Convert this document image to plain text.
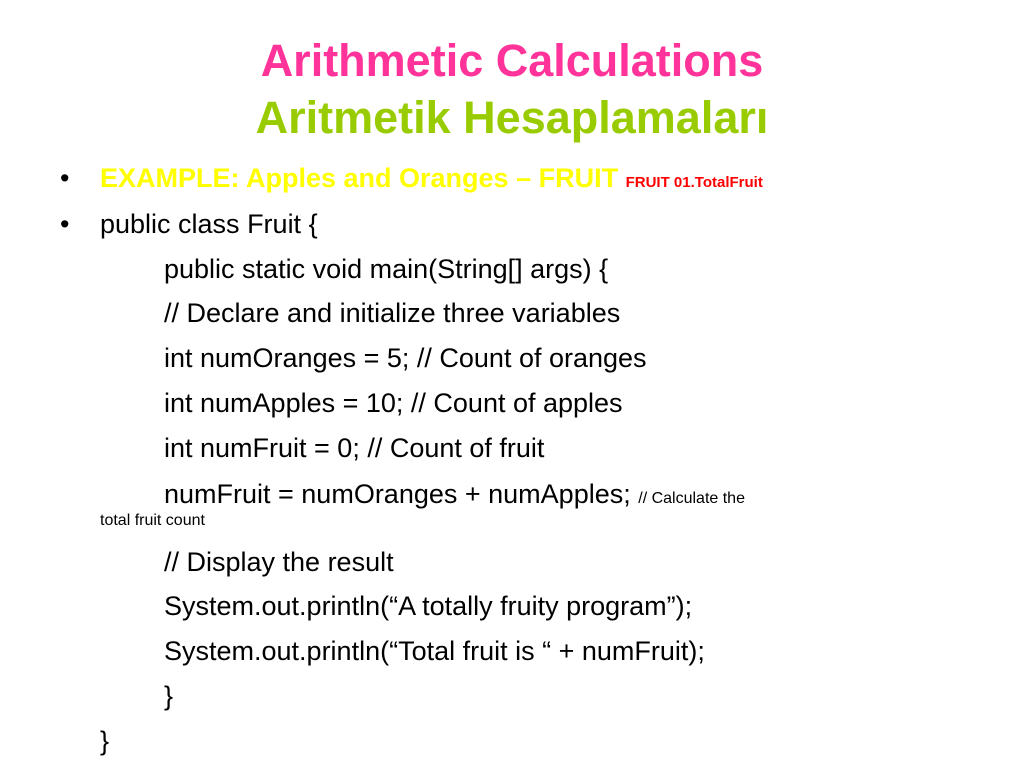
Arithmetic Calculations
Aritmetik Hesaplamaları
• EXAMPLE: Apples and Oranges – FRUIT FRUIT 01.TotalFruit
• public class Fruit {
public static void main(String[] args) {
// Declare and initialize three variables
int numOranges = 5; // Count of oranges
int numApples = 10; // Count of apples
int numFruit = 0; // Count of fruit
numFruit = numOranges + numApples; // Calculate the
total fruit count
// Display the result
System.out.println(“A totally fruity program”);
System.out.println(“Total fruit is “ + numFruit);
}
}
